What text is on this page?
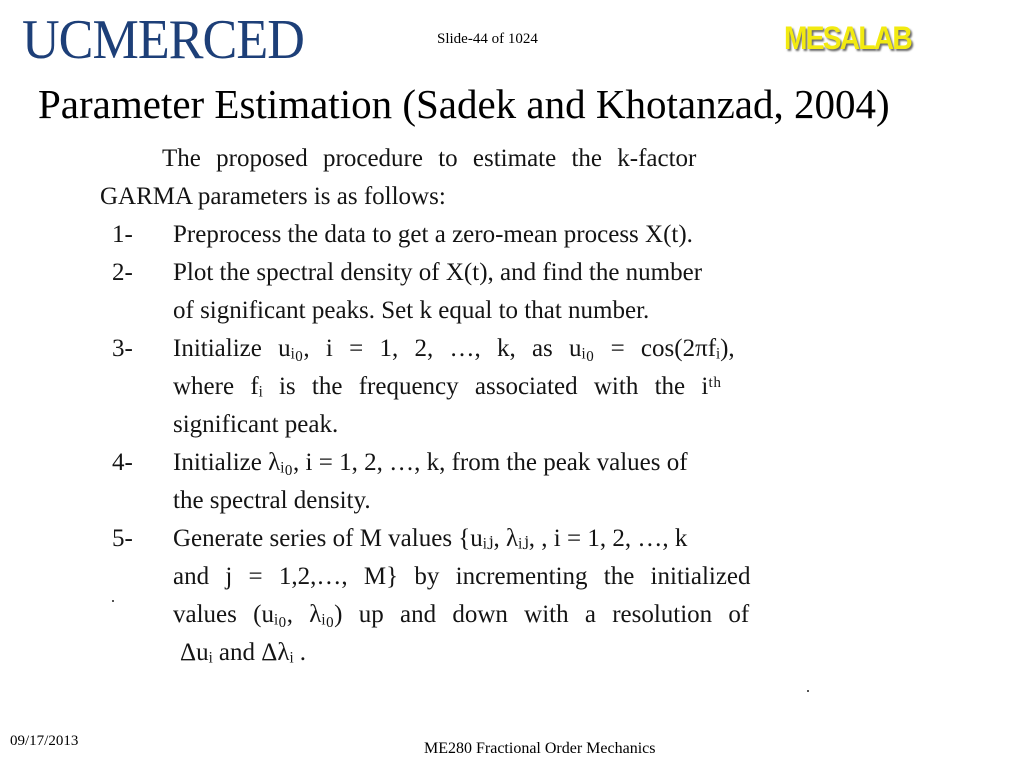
UCMERCED	Slide-44 of 1024	MESALAB
Parameter Estimation (Sadek and Khotanzad, 2004)
The proposed procedure to estimate the k-factor
GARMA parameters is as follows:
1- Preprocess the data to get a zero-mean process X(t).
2- Plot the spectral density of X(t), and find the number
of significant peaks. Set k equal to that number.
3- Initialize uᵢ₀, i = 1, 2, …, k, as uᵢ₀ = cos(2πfᵢ),
where fᵢ is the frequency associated with the iᵗʰ
significant peak.
4- Initialize λᵢ₀, i = 1, 2, …, k, from the peak values of
the spectral density.
5- Generate series of M values {uᵢⱼ, λᵢⱼ, , i = 1, 2, …, k
and j = 1,2,…, M} by incrementing the initialized
values (uᵢ₀, λᵢ₀) up and down with a resolution of
Δuᵢ and Δλᵢ .
09/17/2013	ME280 Fractional Order Mechanics
